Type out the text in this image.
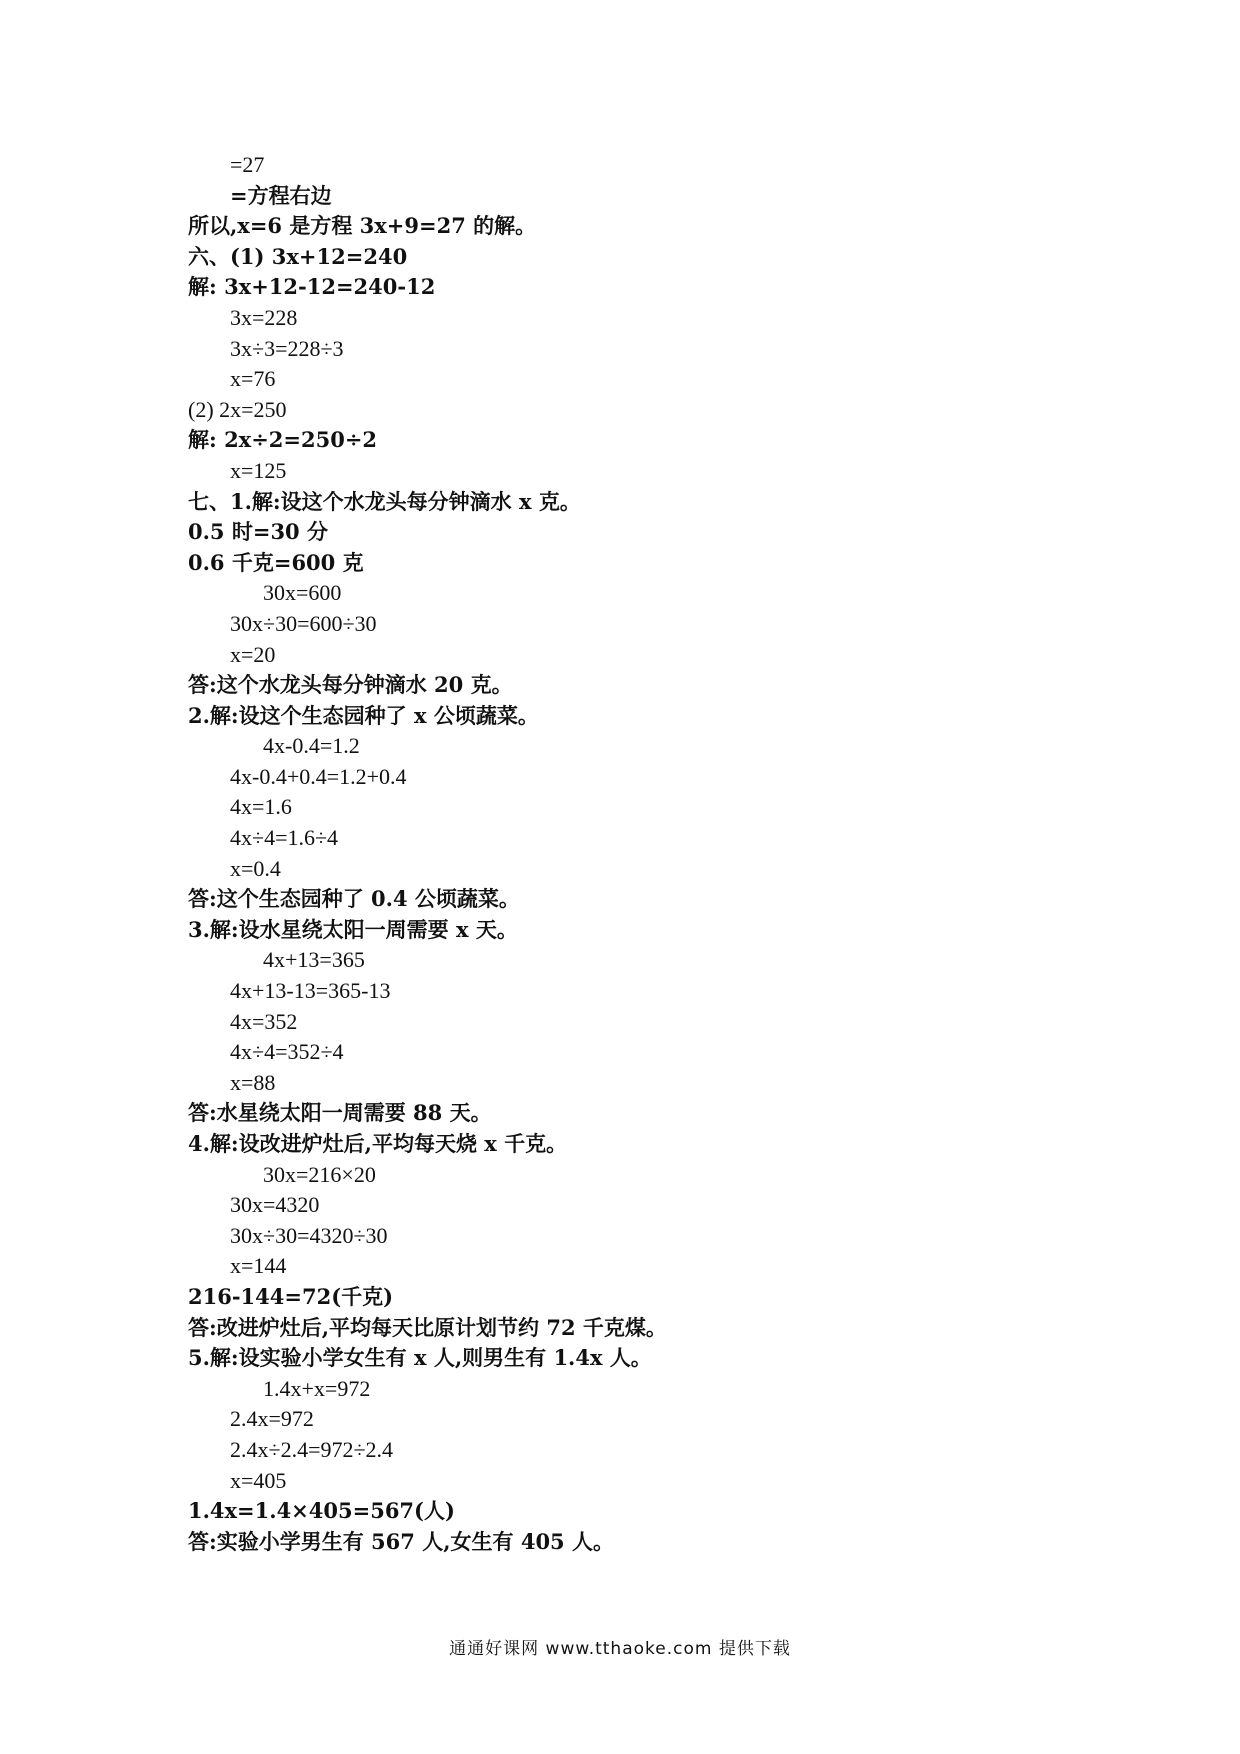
=27
=方程右边
所以,x=6 是方程 3x+9=27 的解。
六、(1) 3x+12=240
解: 3x+12-12=240-12
3x=228
3x÷3=228÷3
x=76
(2) 2x=250
解: 2x÷2=250÷2
x=125
七、1.解:设这个水龙头每分钟滴水 x 克。
0.5 时=30 分
0.6 千克=600 克
30x=600
30x÷30=600÷30
x=20
答:这个水龙头每分钟滴水 20 克。
2.解:设这个生态园种了 x 公顷蔬菜。
4x-0.4=1.2
4x-0.4+0.4=1.2+0.4
4x=1.6
4x÷4=1.6÷4
x=0.4
答:这个生态园种了 0.4 公顷蔬菜。
3.解:设水星绕太阳一周需要 x 天。
4x+13=365
4x+13-13=365-13
4x=352
4x÷4=352÷4
x=88
答:水星绕太阳一周需要 88 天。
4.解:设改进炉灶后,平均每天烧 x 千克。
30x=216×20
30x=4320
30x÷30=4320÷30
x=144
216-144=72(千克)
答:改进炉灶后,平均每天比原计划节约 72 千克煤。
5.解:设实验小学女生有 x 人,则男生有 1.4x 人。
1.4x+x=972
2.4x=972
2.4x÷2.4=972÷2.4
x=405
1.4x=1.4×405=567(人)
答:实验小学男生有 567 人,女生有 405 人。
通通好课网 www.tthaoke.com 提供下载
